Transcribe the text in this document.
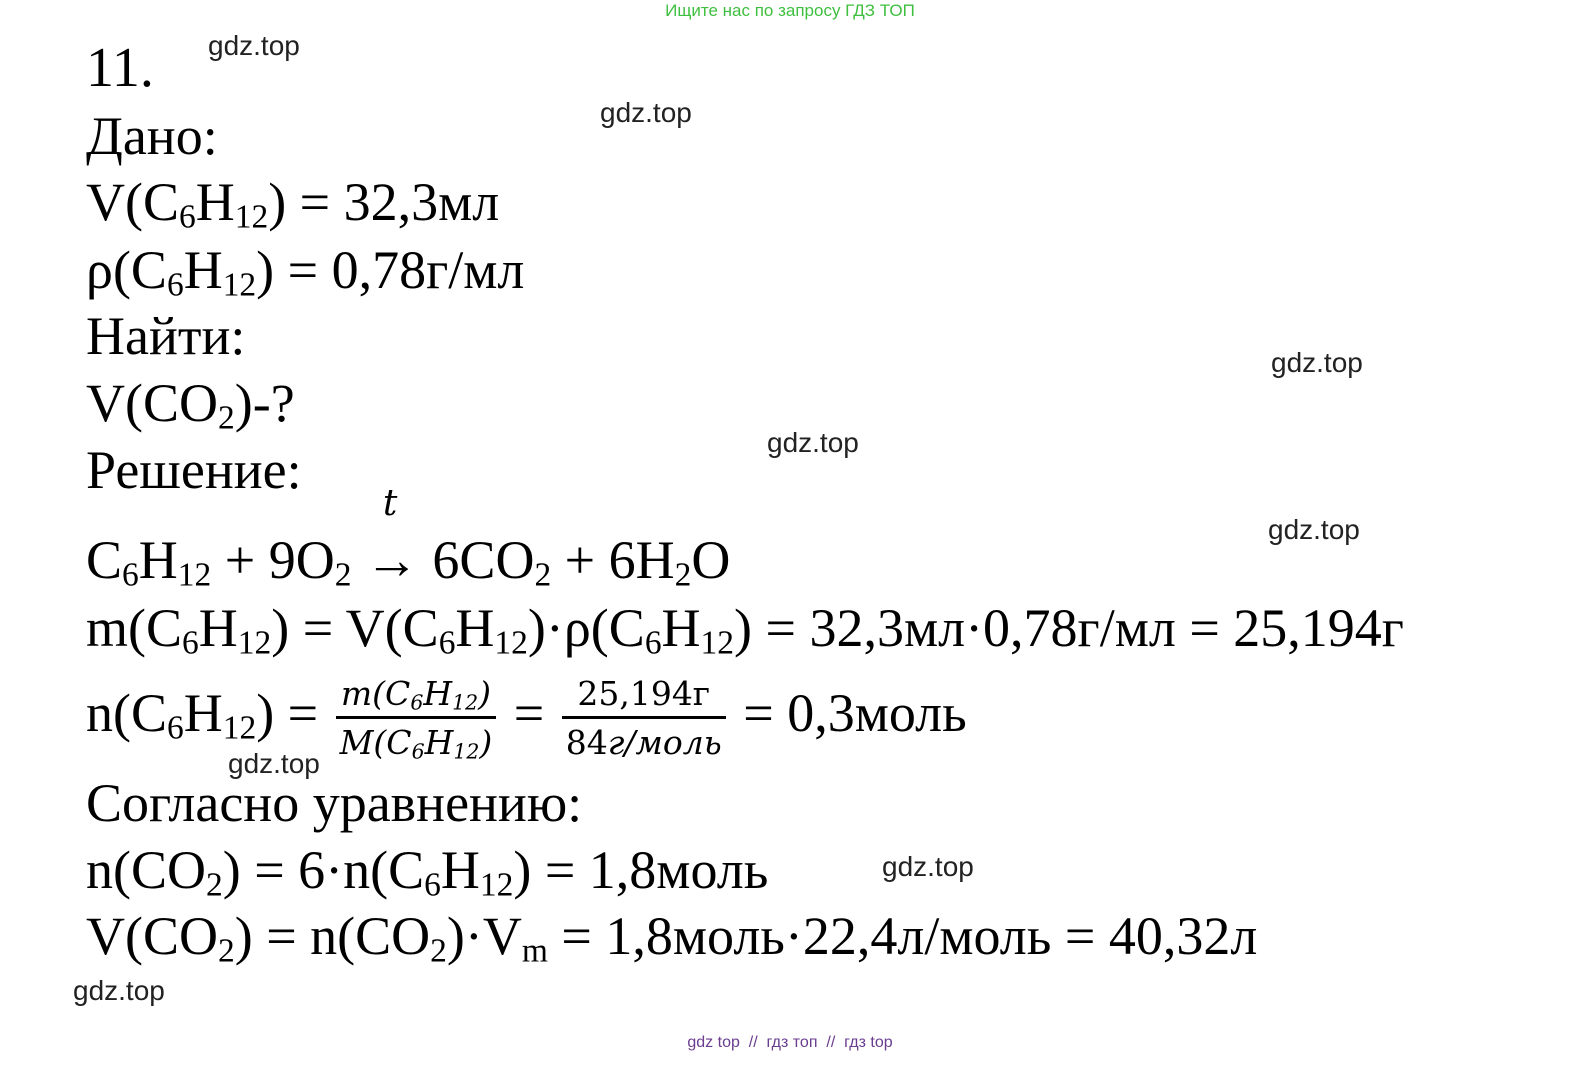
Ищите нас по запросу ГДЗ ТОП
gdz.top
gdz.top
gdz.top
gdz.top
gdz.top
gdz.top
gdz.top
gdz.top
11.
Дано:
$V(C_6H_{12}) = 32,3мл$
$\rho(C_6H_{12}) = 0,78г/мл$
Найти:
$V(CO_2)-$?
Решение:
$C_6H_{12} + 9O_2$
t
→ $6CO_2 + 6H_2O$
$m(C_6H_{12}) = V(C_6H_{12})\cdot\rho(C_6H_{12}) = 32,3мл\cdot 0,78г/мл = 25,194г$
$n(C_6H_{12}) = \frac{m(C_6H_{12})}{M(C_6H_{12})} = \frac{25,194г}{\text{84г/моль}}$ = 0,3моль
Согласно уравнению:
$n(CO_2) = 6\cdot n(C_6H_{12})$ = 1,8моль
$V(CO_2) = n(CO_2)\cdot V_m$ = 1,8моль·22,4л/моль = 40,32л
gdz top  //  гдз топ  //  гдз top
